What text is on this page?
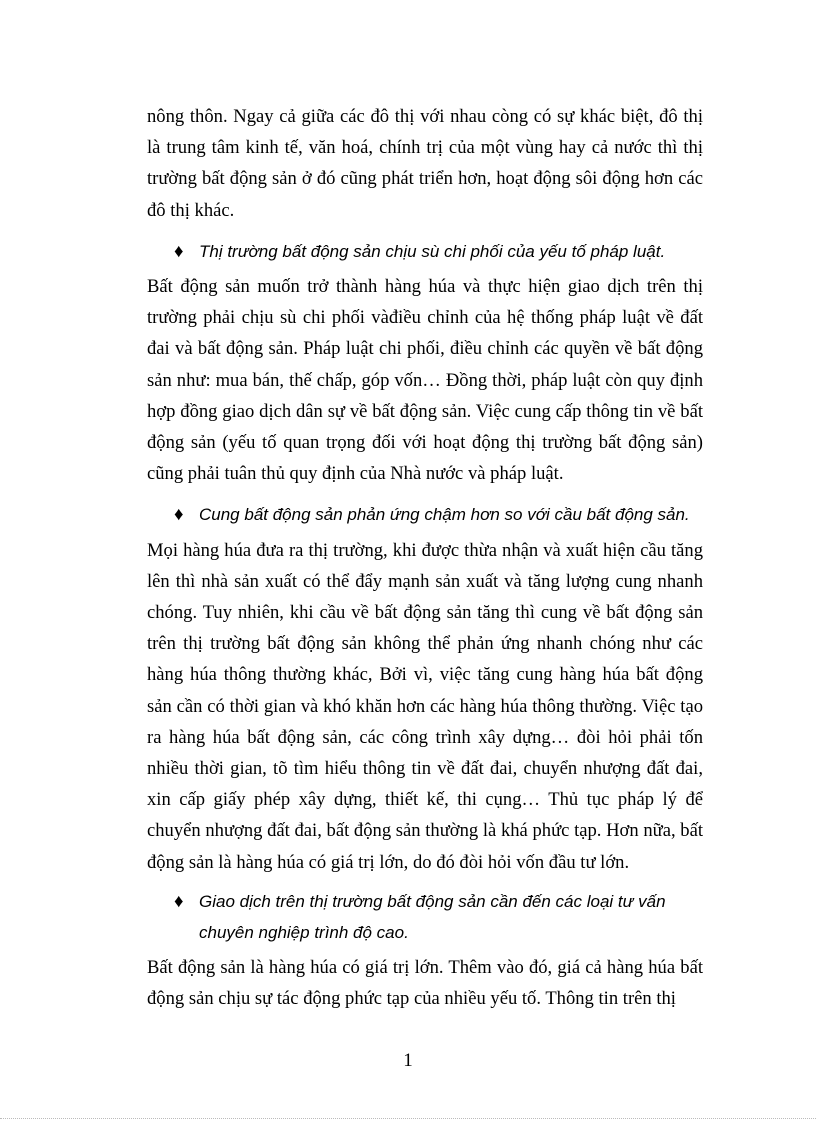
nông thôn. Ngay cả giữa các đô thị với nhau còng có sự khác biệt, đô thị là trung tâm kinh tế, văn hoá, chính trị của một vùng hay cả nước thì thị trường bất động sản ở đó cũng phát triển hơn, hoạt động sôi động hơn các đô thị khác.

♦ Thị trường bất động sản chịu sù chi phối của yếu tố pháp luật.

Bất động sản muốn trở thành hàng húa và thực hiện giao dịch trên thị trường phải chịu sù chi phối vàđiều chỉnh của hệ thống pháp luật về đất đai và bất động sản. Pháp luật chi phối, điều chỉnh các quyền về bất động sản như: mua bán, thế chấp, góp vốn… Đồng thời, pháp luật còn quy định hợp đồng giao dịch dân sự về bất động sản. Việc cung cấp thông tin về bất động sản (yếu tố quan trọng đối với hoạt động thị trường bất động sản) cũng phải tuân thủ quy định của Nhà nước và pháp luật.

♦ Cung bất động sản phản ứng chậm hơn so với cầu bất động sản.

Mọi hàng húa đưa ra thị trường, khi được thừa nhận và xuất hiện cầu tăng lên thì nhà sản xuất có thể đẩy mạnh sản xuất và tăng lượng cung nhanh chóng. Tuy nhiên, khi cầu về bất động sản tăng thì cung về bất động sản trên thị trường bất động sản không thể phản ứng nhanh chóng như các hàng húa thông thường khác, Bởi vì, việc tăng cung hàng húa bất động sản cần có thời gian và khó khăn hơn các hàng húa thông thường. Việc tạo ra hàng húa bất động sản, các công trình xây dựng… đòi hỏi phải tốn nhiều thời gian, tõ tìm hiểu thông tin về đất đai, chuyển nhượng đất đai, xin cấp giấy phép xây dựng, thiết kế, thi cụng… Thủ tục pháp lý để chuyển nhượng đất đai, bất động sản thường là khá phức tạp. Hơn nữa, bất động sản là hàng húa có giá trị lớn, do đó đòi hỏi vốn đầu tư lớn.

♦ Giao dịch trên thị trường bất động sản cần đến các loại tư vấn chuyên nghiệp trình độ cao.

Bất động sản là hàng húa có giá trị lớn. Thêm vào đó, giá cả hàng húa bất động sản chịu sự tác động phức tạp của nhiều yếu tố. Thông tin trên thị

1
